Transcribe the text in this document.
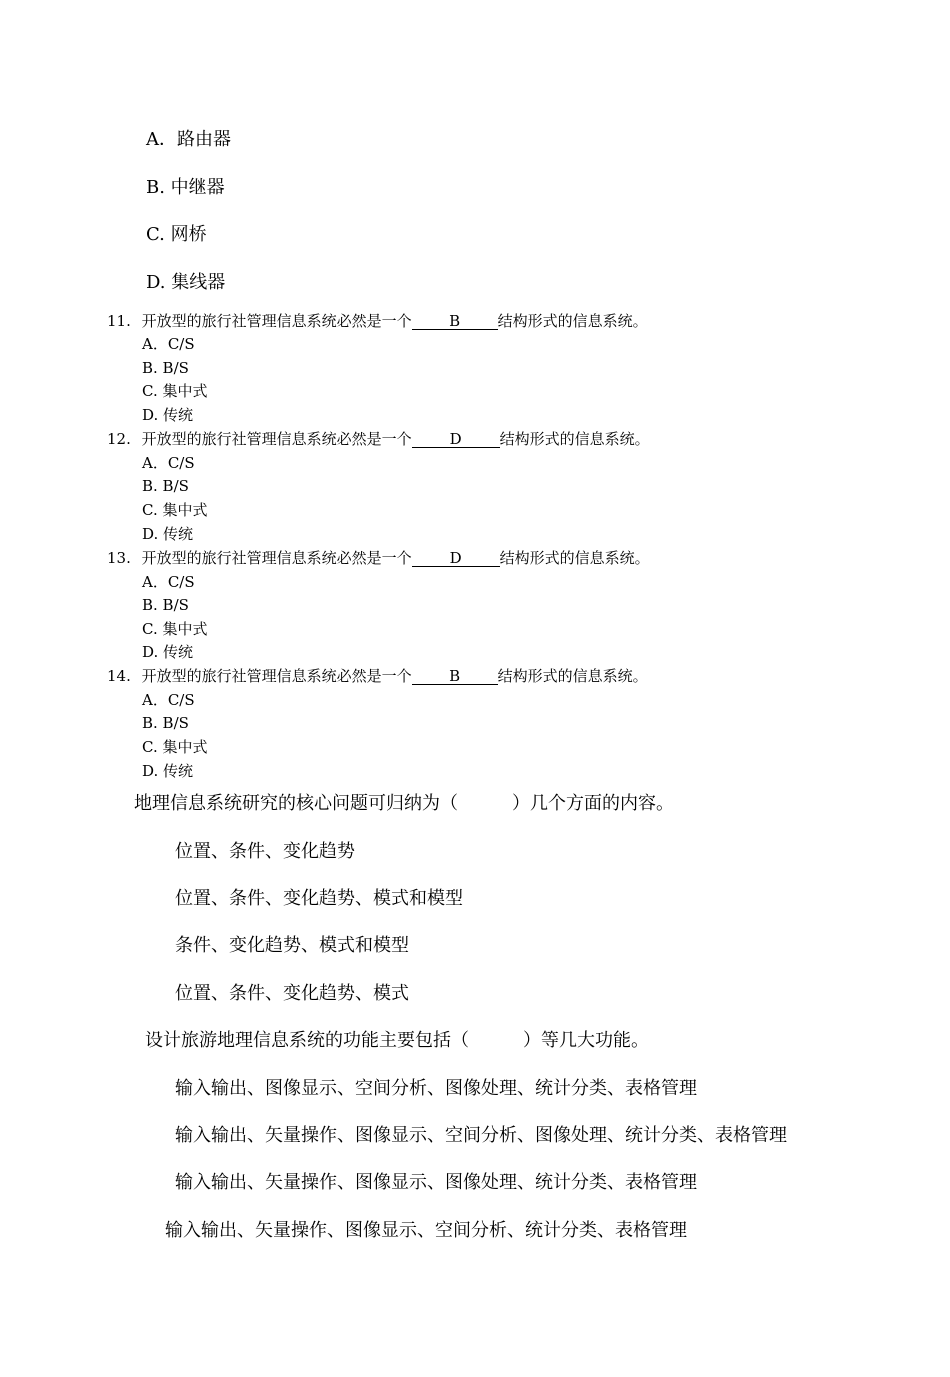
A．路由器
B. 中继器
C. 网桥
D. 集线器
11. 开放型的旅行社管理信息系统必然是一个 B 结构形式的信息系统。
A．C/S
B. B/S
C. 集中式
D. 传统
12. 开放型的旅行社管理信息系统必然是一个	D	结构形式的信息系统。
A．C/S
B. B/S
C. 集中式
D. 传统
13. 开放型的旅行社管理信息系统必然是一个	D	结构形式的信息系统。
A．C/S
B. B/S
C. 集中式
D. 传统
14. 开放型的旅行社管理信息系统必然是一个 B 结构形式的信息系统。
A．C/S
B. B/S
C. 集中式
D. 传统
地理信息系统研究的核心问题可归纳为（　　　）几个方面的内容。
位置、条件、变化趋势
位置、条件、变化趋势、模式和模型
条件、变化趋势、模式和模型
位置、条件、变化趋势、模式
设计旅游地理信息系统的功能主要包括（　　　）等几大功能。
输入输出、图像显示、空间分析、图像处理、统计分类、表格管理
输入输出、矢量操作、图像显示、空间分析、图像处理、统计分类、表格管理
输入输出、矢量操作、图像显示、图像处理、统计分类、表格管理
输入输出、矢量操作、图像显示、空间分析、统计分类、表格管理
